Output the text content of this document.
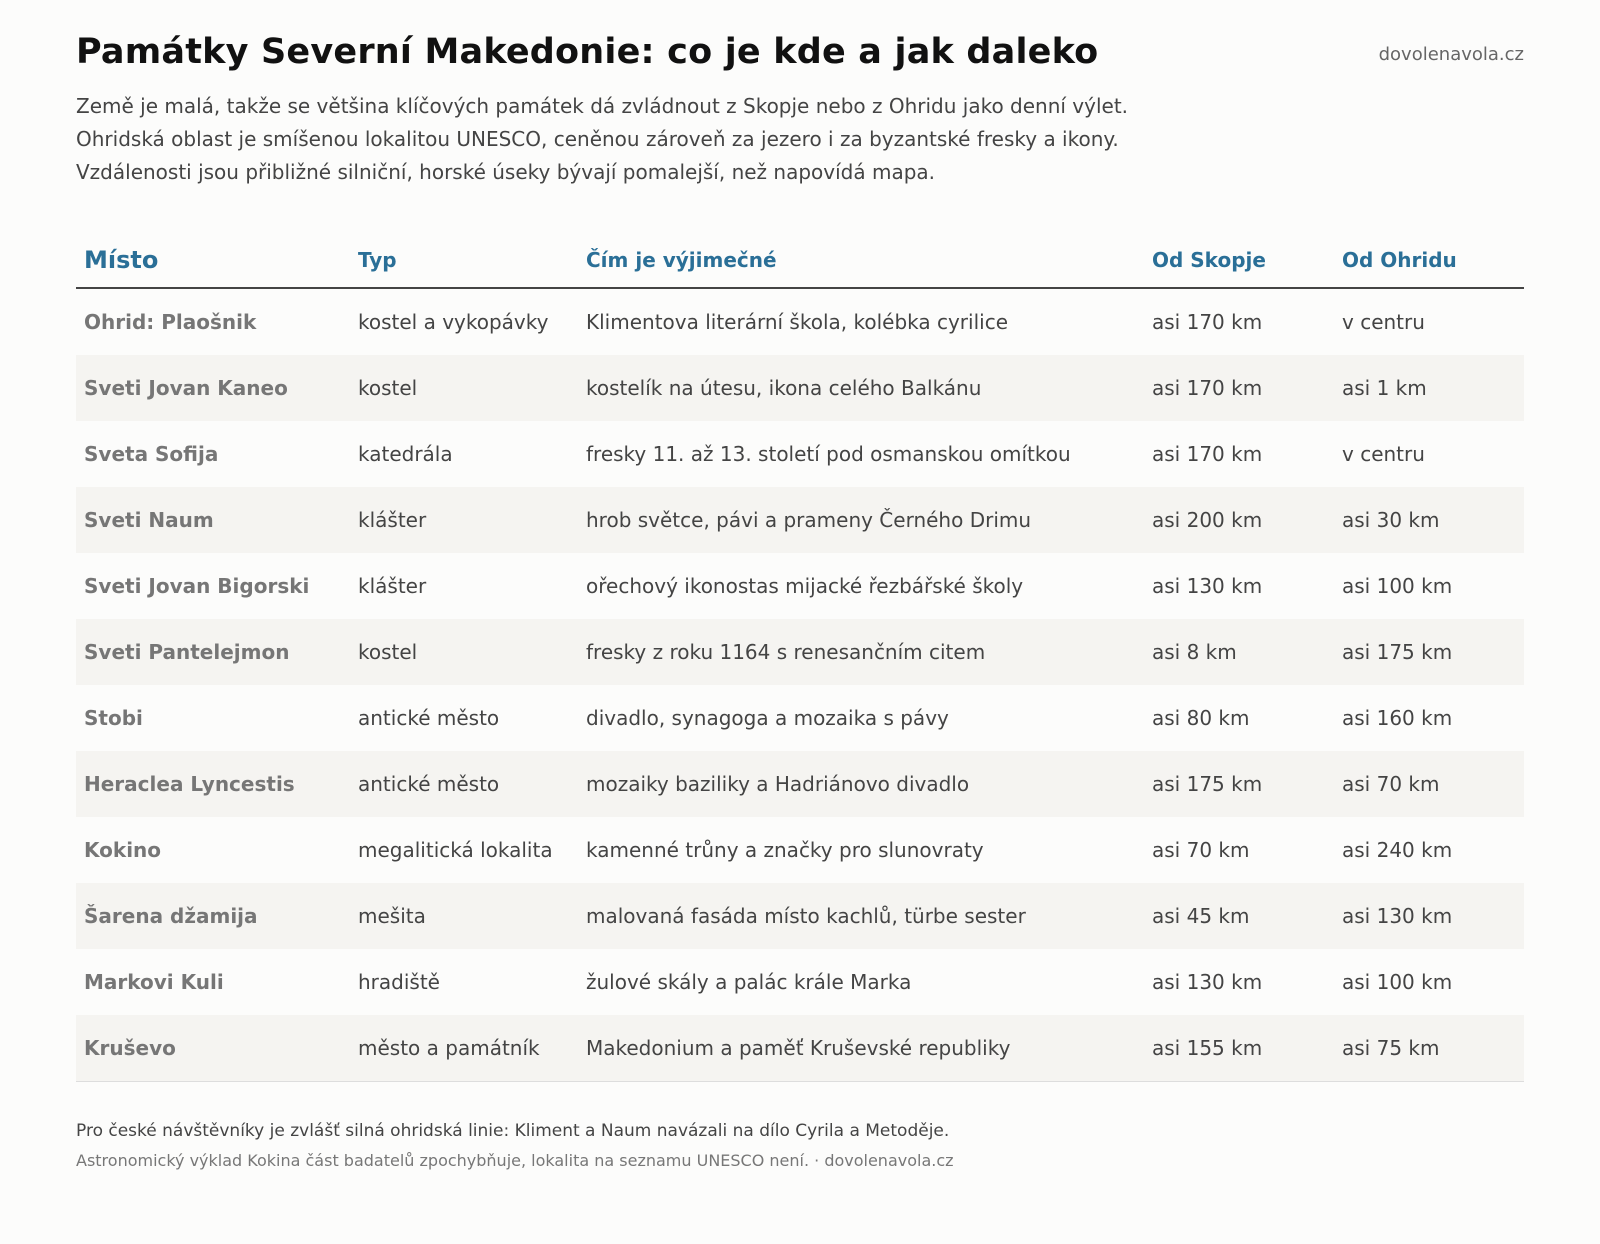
Památky Severní Makedonie: co je kde a jak daleko	dovolenavola.cz

Země je malá, takže se většina klíčových památek dá zvládnout z Skopje nebo z Ohridu jako denní výlet.

Ohridská oblast je smíšenou lokalitou UNESCO, ceněnou zároveň za jezero i za byzantské fresky a ikony.

Vzdálenosti jsou přibližné silniční, horské úseky bývají pomalejší, než napovídá mapa.

Místo	Typ	Čím je výjimečné	Od Skopje	Od Ohridu
Ohrid: Plaošnik	kostel a vykopávky	Klimentova literární škola, kolébka cyrilice	asi 170 km	v centru
Sveti Jovan Kaneo	kostel	kostelík na útesu, ikona celého Balkánu	asi 170 km	asi 1 km
Sveta Sofija	katedrála	fresky 11. až 13. století pod osmanskou omítkou	asi 170 km	v centru
Sveti Naum	klášter	hrob světce, pávi a prameny Černého Drimu	asi 200 km	asi 30 km
Sveti Jovan Bigorski	klášter	ořechový ikonostas mijacké řezbářské školy	asi 130 km	asi 100 km
Sveti Pantelejmon	kostel	fresky z roku 1164 s renesančním citem	asi 8 km	asi 175 km
Stobi	antické město	divadlo, synagoga a mozaika s pávy	asi 80 km	asi 160 km
Heraclea Lyncestis	antické město	mozaiky baziliky a Hadriánovo divadlo	asi 175 km	asi 70 km
Kokino	megalitická lokalita	kamenné trůny a značky pro slunovraty	asi 70 km	asi 240 km
Šarena džamija	mešita	malovaná fasáda místo kachlů, türbe sester	asi 45 km	asi 130 km
Markovi Kuli	hradiště	žulové skály a palác krále Marka	asi 130 km	asi 100 km
Kruševo	město a památník	Makedonium a paměť Kruševské republiky	asi 155 km	asi 75 km
Pro české návštěvníky je zvlášť silná ohridská linie: Kliment a Naum navázali na dílo Cyrila a Metoděje.
Astronomický výklad Kokina část badatelů zpochybňuje, lokalita na seznamu UNESCO není. · dovolenavola.cz
